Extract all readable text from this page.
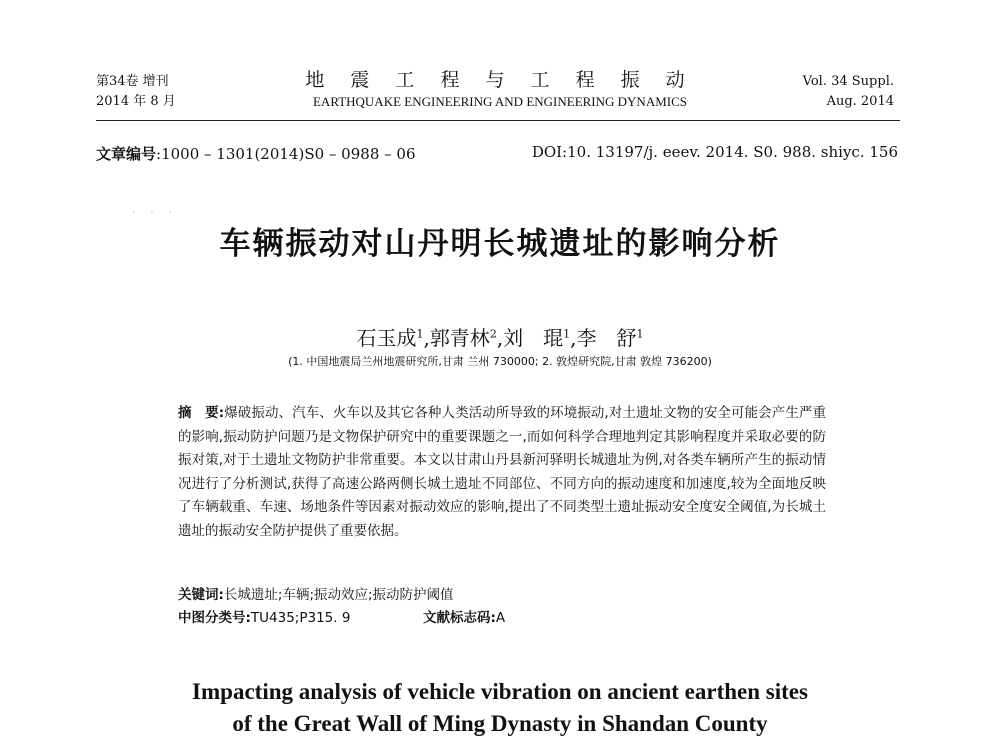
第34卷 增刊
2014 年 8 月
地 震 工 程 与 工 程 振 动
EARTHQUAKE ENGINEERING AND ENGINEERING DYNAMICS
Vol. 34 Suppl.
Aug. 2014
文章编号:1000 – 1301(2014)S0 – 0988 – 06	DOI:10. 13197/j. eeev. 2014. S0. 988. shiyc. 156
· · ·
车辆振动对山丹明长城遗址的影响分析
石玉成$^1$,郭青林$^2$,刘　琨$^1$,李　舒$^1$
(1. 中国地震局兰州地震研究所,甘肃 兰州 730000; 2. 敦煌研究院,甘肃 敦煌 736200)
摘　要:爆破振动、汽车、火车以及其它各种人类活动所导致的环境振动,对土遗址文物的安全可能会产生严重的影响,振动防护问题乃是文物保护研究中的重要课题之一,而如何科学合理地判定其影响程度并采取必要的防振对策,对于土遗址文物防护非常重要。本文以甘肃山丹县新河驿明长城遗址为例,对各类车辆所产生的振动情况进行了分析测试,获得了高速公路两侧长城土遗址不同部位、不同方向的振动速度和加速度,较为全面地反映了车辆载重、车速、场地条件等因素对振动效应的影响,提出了不同类型土遗址振动安全度安全阈值,为长城土遗址的振动安全防护提供了重要依据。
关键词:长城遗址;车辆;振动效应;振动防护阈值
中图分类号:TU435;P315. 9	文献标志码:A
Impacting analysis of vehicle vibration on ancient earthen sites
of the Great Wall of Ming Dynasty in Shandan County
